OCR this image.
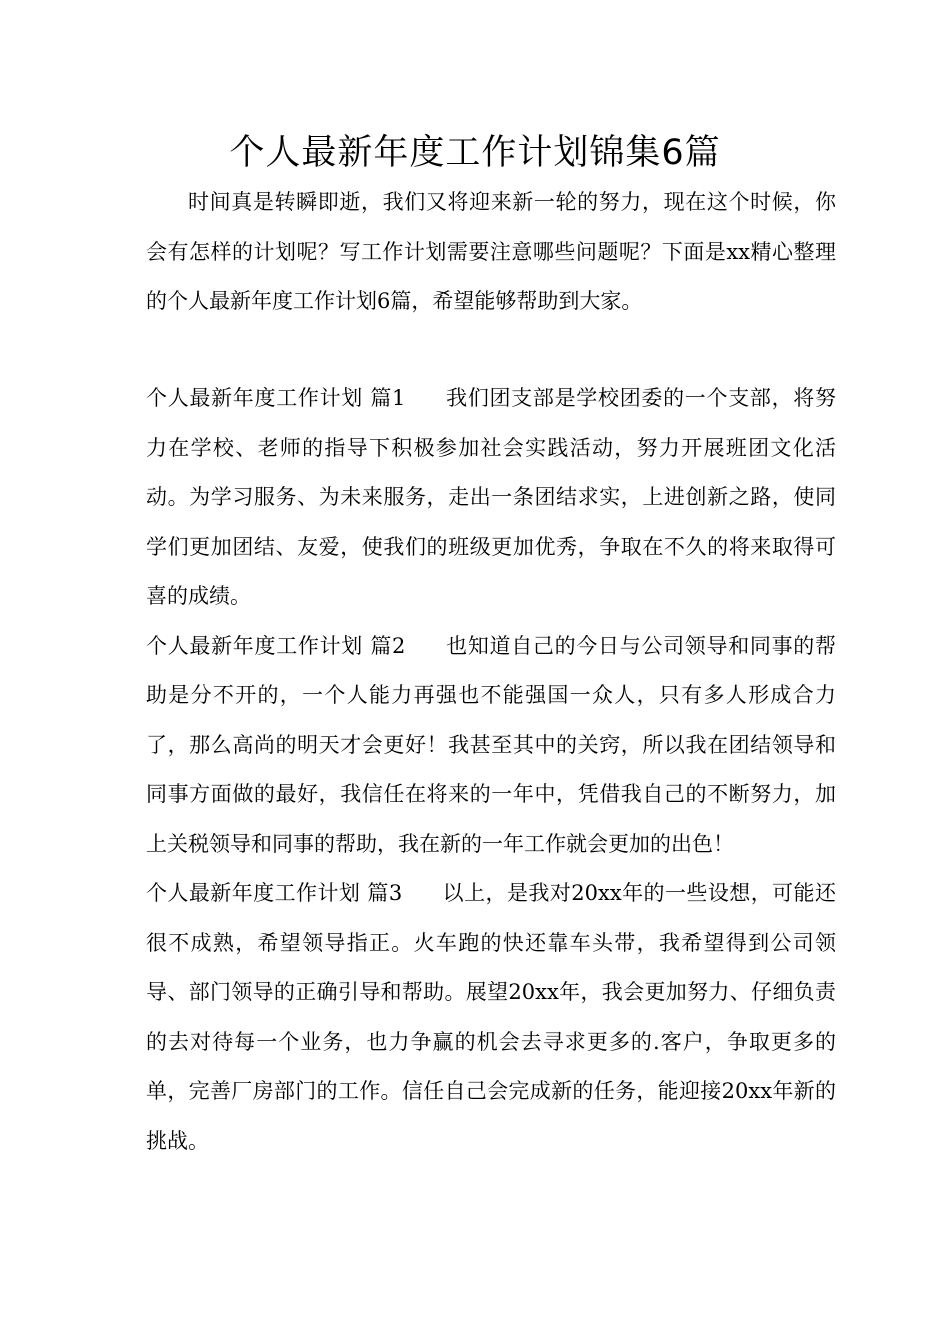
个人最新年度工作计划锦集6篇
时间真是转瞬即逝，我们又将迎来新一轮的努力，现在这个时候，你会有怎样的计划呢？写工作计划需要注意哪些问题呢？下面是xx精心整理的个人最新年度工作计划6篇，希望能够帮助到大家。

个人最新年度工作计划 篇1 我们团支部是学校团委的一个支部，将努力在学校、老师的指导下积极参加社会实践活动，努力开展班团文化活动。为学习服务、为未来服务，走出一条团结求实，上进创新之路，使同学们更加团结、友爱，使我们的班级更加优秀，争取在不久的将来取得可喜的成绩。

个人最新年度工作计划 篇2 也知道自己的今日与公司领导和同事的帮助是分不开的，一个人能力再强也不能强国一众人，只有多人形成合力了，那么高尚的明天才会更好！我甚至其中的关窍，所以我在团结领导和同事方面做的最好，我信任在将来的一年中，凭借我自己的不断努力，加上关税领导和同事的帮助，我在新的一年工作就会更加的出色！

个人最新年度工作计划 篇3 以上，是我对20xx年的一些设想，可能还很不成熟，希望领导指正。火车跑的快还靠车头带，我希望得到公司领导、部门领导的正确引导和帮助。展望20xx年，我会更加努力、仔细负责的去对待每一个业务，也力争赢的机会去寻求更多的.客户，争取更多的单，完善厂房部门的工作。信任自己会完成新的任务，能迎接20xx年新的挑战。
